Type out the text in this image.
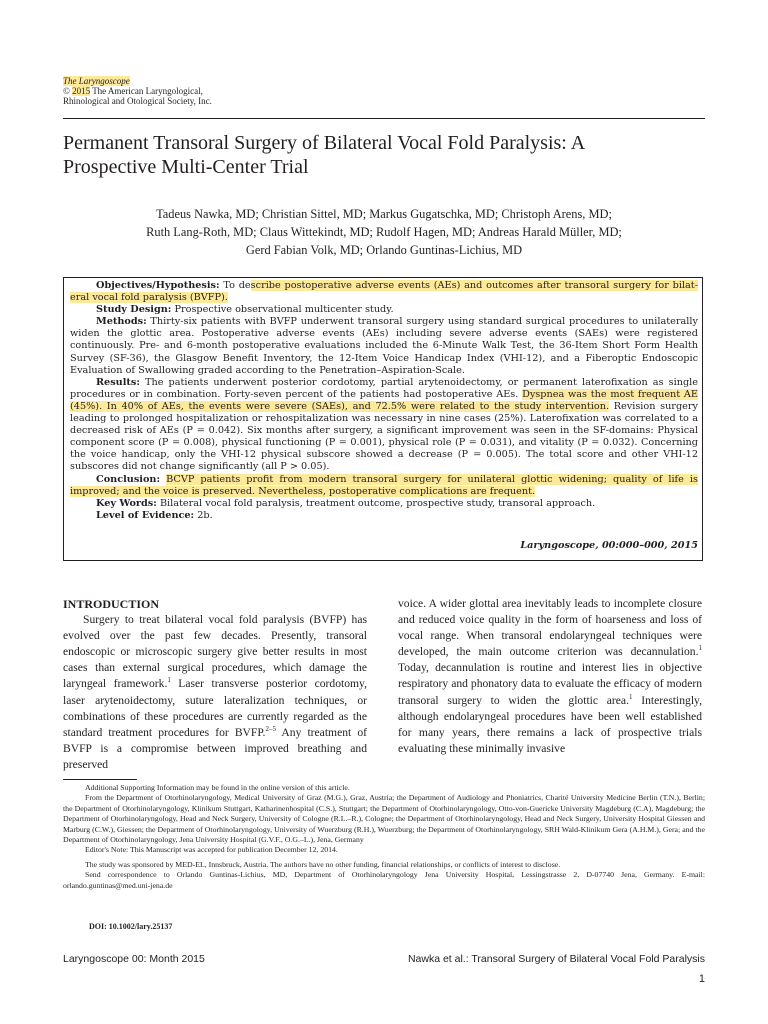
The Laryngoscope
© 2015 The American Laryngological,
Rhinological and Otological Society, Inc.
Permanent Transoral Surgery of Bilateral Vocal Fold Paralysis: A
Prospective Multi-Center Trial
Tadeus Nawka, MD; Christian Sittel, MD; Markus Gugatschka, MD; Christoph Arens, MD;
Ruth Lang-Roth, MD; Claus Wittekindt, MD; Rudolf Hagen, MD; Andreas Harald Müller, MD;
Gerd Fabian Volk, MD; Orlando Guntinas-Lichius, MD

Objectives/Hypothesis: To describe postoperative adverse events (AEs) and outcomes after transoral surgery for bilat- eral vocal fold paralysis (BVFP).

Study Design: Prospective observational multicenter study.

Methods: Thirty-six patients with BVFP underwent transoral surgery using standard surgical procedures to unilaterally widen the glottic area. Postoperative adverse events (AEs) including severe adverse events (SAEs) were registered continuously. Pre- and 6-month postoperative evaluations included the 6-Minute Walk Test, the 36-Item Short Form Health Survey (SF-36), the Glasgow Benefit Inventory, the 12-Item Voice Handicap Index (VHI-12), and a Fiberoptic Endoscopic Evaluation of Swallowing graded according to the Penetration–Aspiration-Scale.

Results: The patients underwent posterior cordotomy, partial arytenoidectomy, or permanent laterofixation as single procedures or in combination. Forty-seven percent of the patients had postoperative AEs. Dyspnea was the most frequent AE (45%). In 40% of AEs, the events were severe (SAEs), and 72.5% were related to the study intervention. Revision surgery leading to prolonged hospitalization or rehospitalization was necessary in nine cases (25%). Laterofixation was correlated to a decreased risk of AEs (P = 0.042). Six months after surgery, a significant improvement was seen in the SF-domains: Physical component score (P = 0.008), physical functioning (P = 0.001), physical role (P = 0.031), and vitality (P = 0.032). Concerning the voice handicap, only the VHI-12 physical subscore showed a decrease (P = 0.005). The total score and other VHI-12 subscores did not change significantly (all P > 0.05).

Conclusion: BCVP patients profit from modern transoral surgery for unilateral glottic widening; quality of life is improved; and the voice is preserved. Nevertheless, postoperative complications are frequent.

Key Words: Bilateral vocal fold paralysis, treatment outcome, prospective study, transoral approach.

Level of Evidence: 2b.

Laryngoscope, 00:000–000, 2015

INTRODUCTION

Surgery to treat bilateral vocal fold paralysis (BVFP) has evolved over the past few decades. Presently, transoral endoscopic or microscopic surgery give better results in most cases than external surgical procedures, which damage the laryngeal framework.$^1$ Laser transverse posterior cordotomy, laser arytenoidectomy, suture lateralization techniques, or combinations of these procedures are currently regarded as the standard treatment procedures for BVFP.$^{2-5}$ Any treatment of BVFP is a compromise between improved breathing and preserved

voice. A wider glottal area inevitably leads to incomplete closure and reduced voice quality in the form of hoarseness and loss of vocal range. When transoral endolaryngeal techniques were developed, the main outcome criterion was decannulation.$^1$ Today, decannulation is routine and interest lies in objective respiratory and phonatory data to evaluate the efficacy of modern transoral surgery to widen the glottic area.$^1$ Interestingly, although endolaryngeal procedures have been well established for many years, there remains a lack of prospective trials evaluating these minimally invasive

Additional Supporting Information may be found in the online version of this article.

From the Department of Otorhinolaryngology, Medical University of Graz (M.G.), Graz, Austria; the Department of Audiology and Phoniatrics, Charité University Medicine Berlin (T.N.), Berlin; the Department of Otorhinolaryngology, Klinikum Stuttgart, Katharinenhospital (C.S.), Stuttgart; the Department of Otorhinolaryngology, Otto-von-Guericke University Magdeburg (C.A), Magdeburg; the Department of Otorhinolaryngology, Head and Neck Surgery, University of Cologne (R.L.–R.), Cologne; the Department of Otorhinolaryngology, Head and Neck Surgery, University Hospital Giessen and Marburg (C.W.), Giessen; the Department of Otorhinolaryngology, University of Wuerzburg (R.H.), Wuerzburg; the Department of Otorhinolaryngology, SRH Wald-Klinikum Gera (A.H.M.), Gera; and the Department of Otorhinolaryngology, Jena University Hospital (G.V.F., O.G.–L.), Jena, Germany

Editor's Note: This Manuscript was accepted for publication December 12, 2014.

The study was sponsored by MED-EL, Innsbruck, Austria. The authors have no other funding, financial relationships, or conflicts of interest to disclose.

Send correspondence to Orlando Guntinas-Lichius, MD, Department of Otorhinolaryngology Jena University Hospital, Lessingstrasse 2, D-07740 Jena, Germany. E-mail: orlando.guntinas@med.uni-jena.de

DOI: 10.1002/lary.25137
Laryngoscope 00: Month 2015	Nawka et al.: Transoral Surgery of Bilateral Vocal Fold Paralysis
1
